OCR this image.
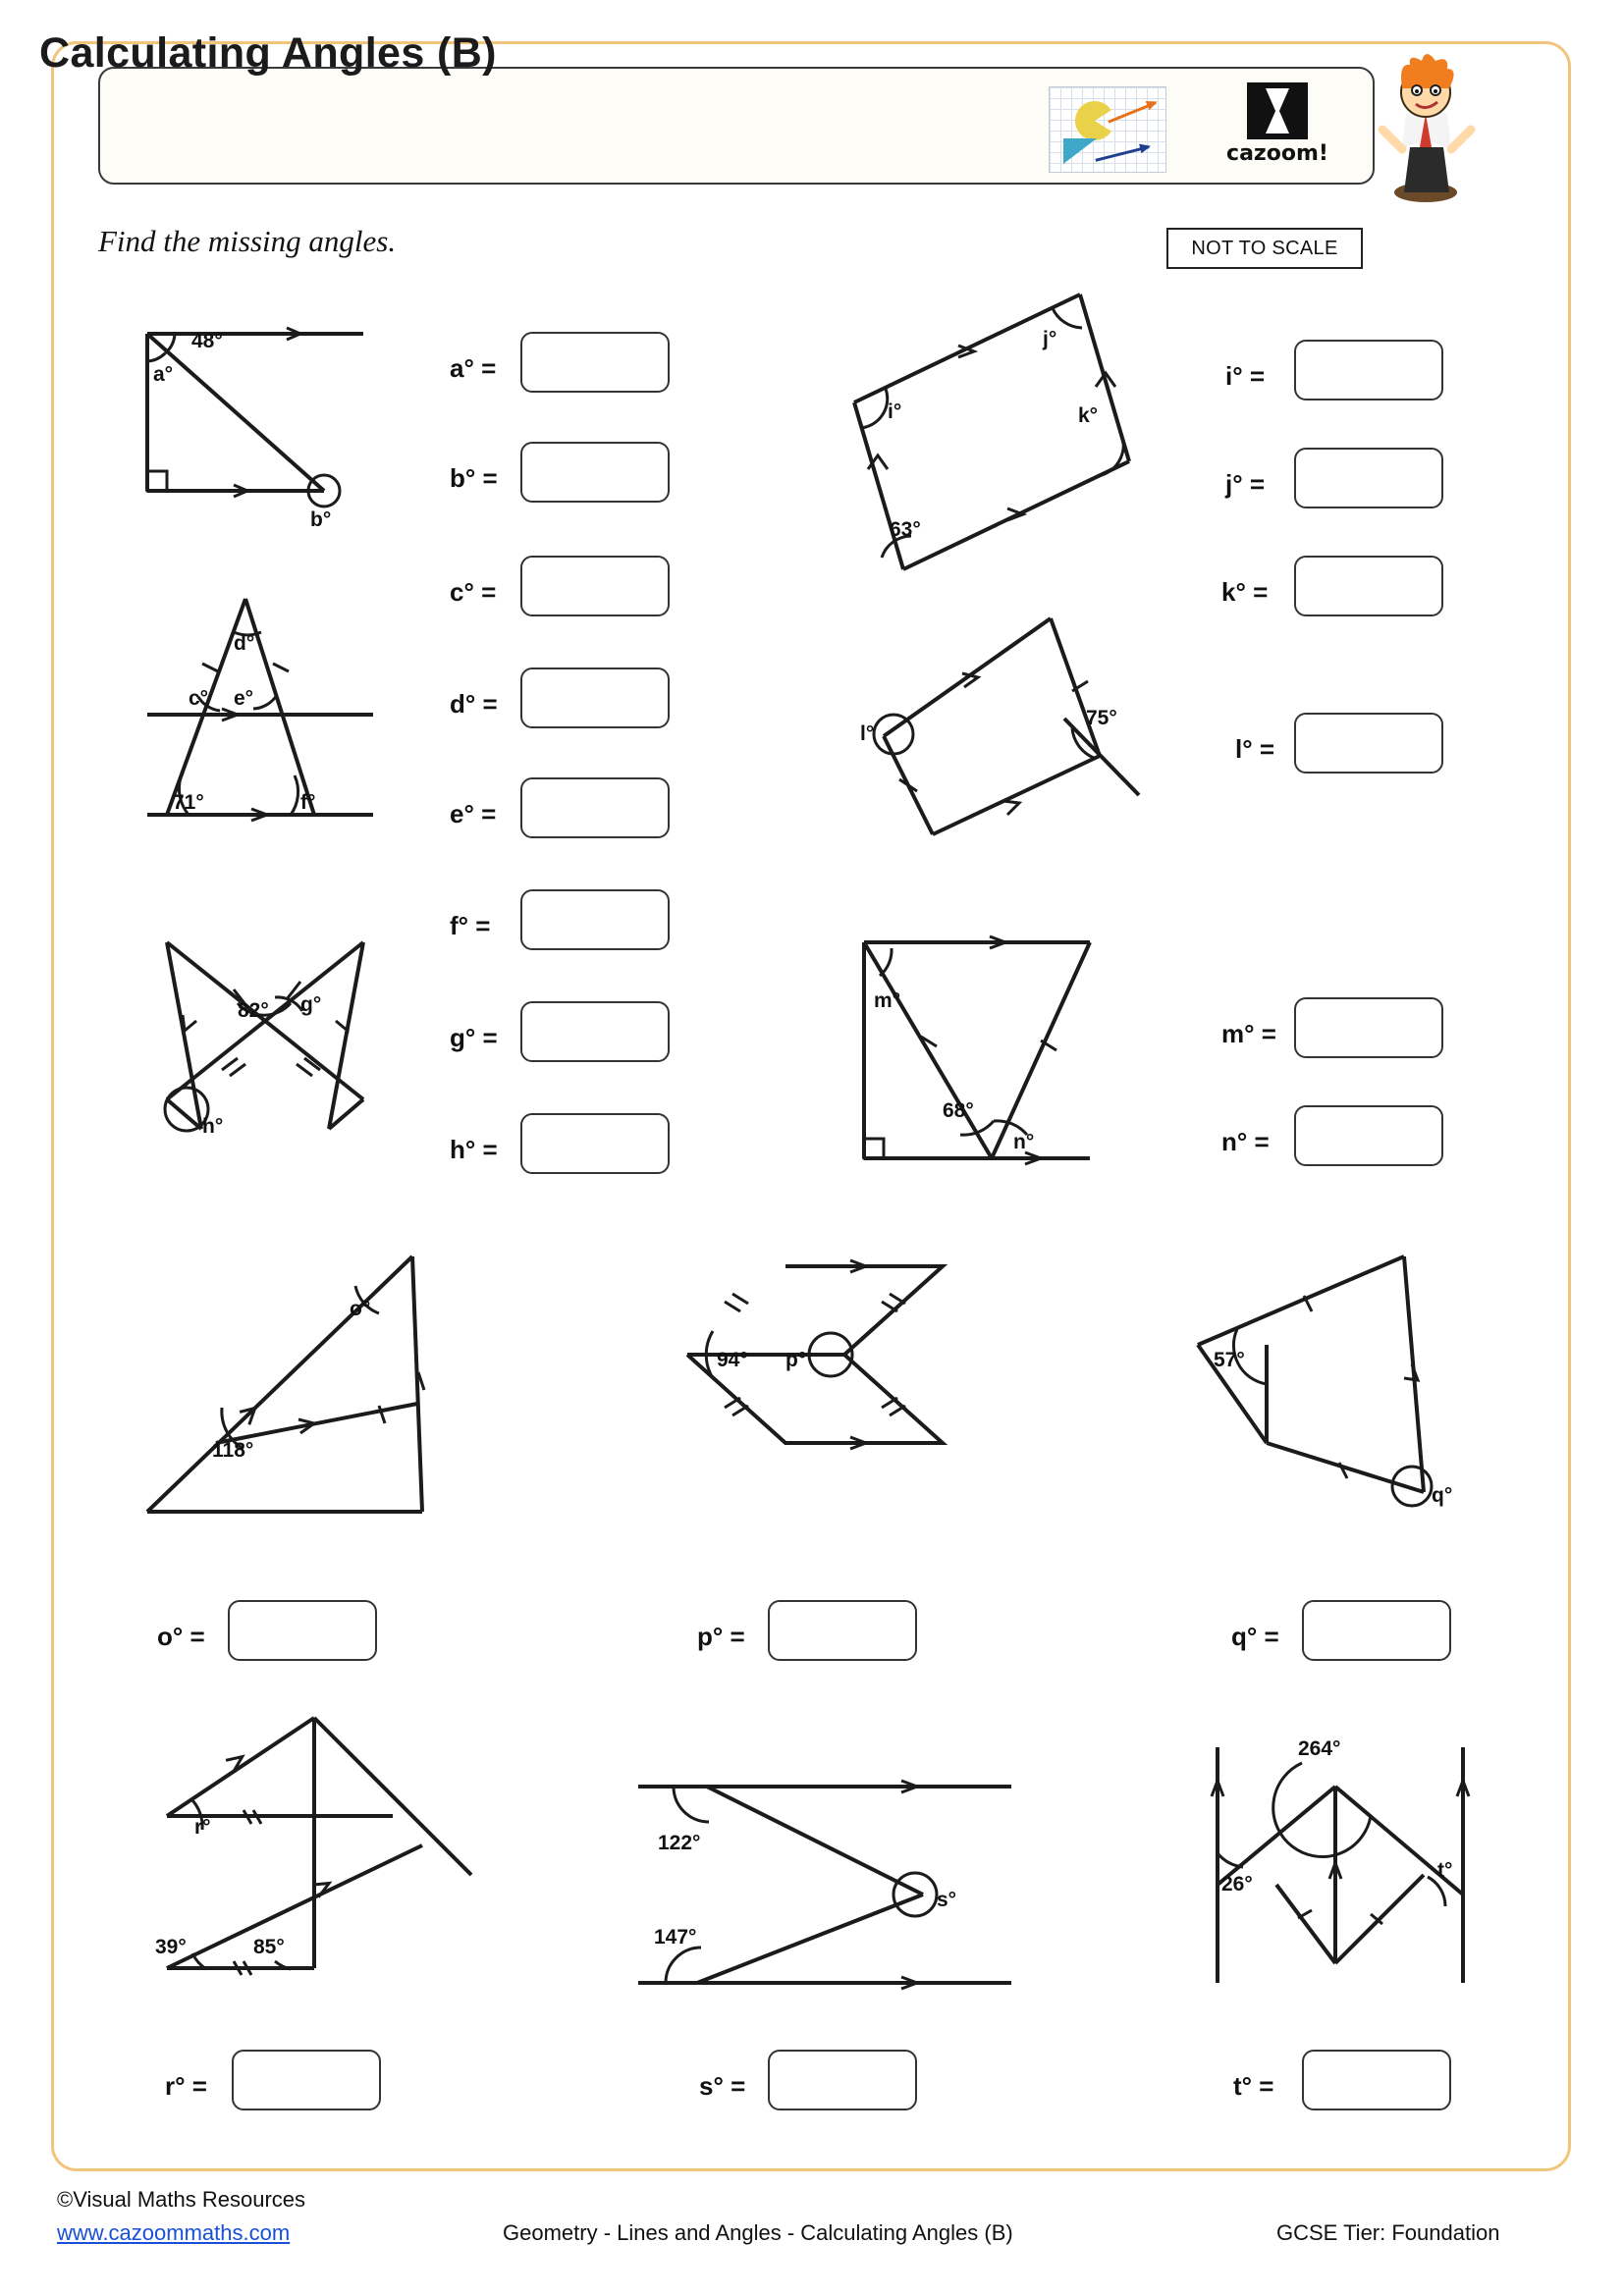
Calculating Angles (B)
cazoom!
Find the missing angles.	NOT TO SCALE
48°
a°
b°
d°
c° e°
71°	f°
82° g°
h°
i°
j°
k°
63°
75°
l°
m°
68°
n°
o°
118°
94° p°	57°
q°
r°
39°	85°
122°
147°
s°
264°
26°
t°
a° =
b° =
c° =
d° =
e° =
f° =
g° =
h° =
i° =
j° =
k° =
l° =
m° =
n° =
o° =	p° =	q° =
r° =	s° =	t° =
©Visual Maths Resources
www.cazoommaths.com	Geometry - Lines and Angles - Calculating Angles (B)	GCSE Tier: Foundation
